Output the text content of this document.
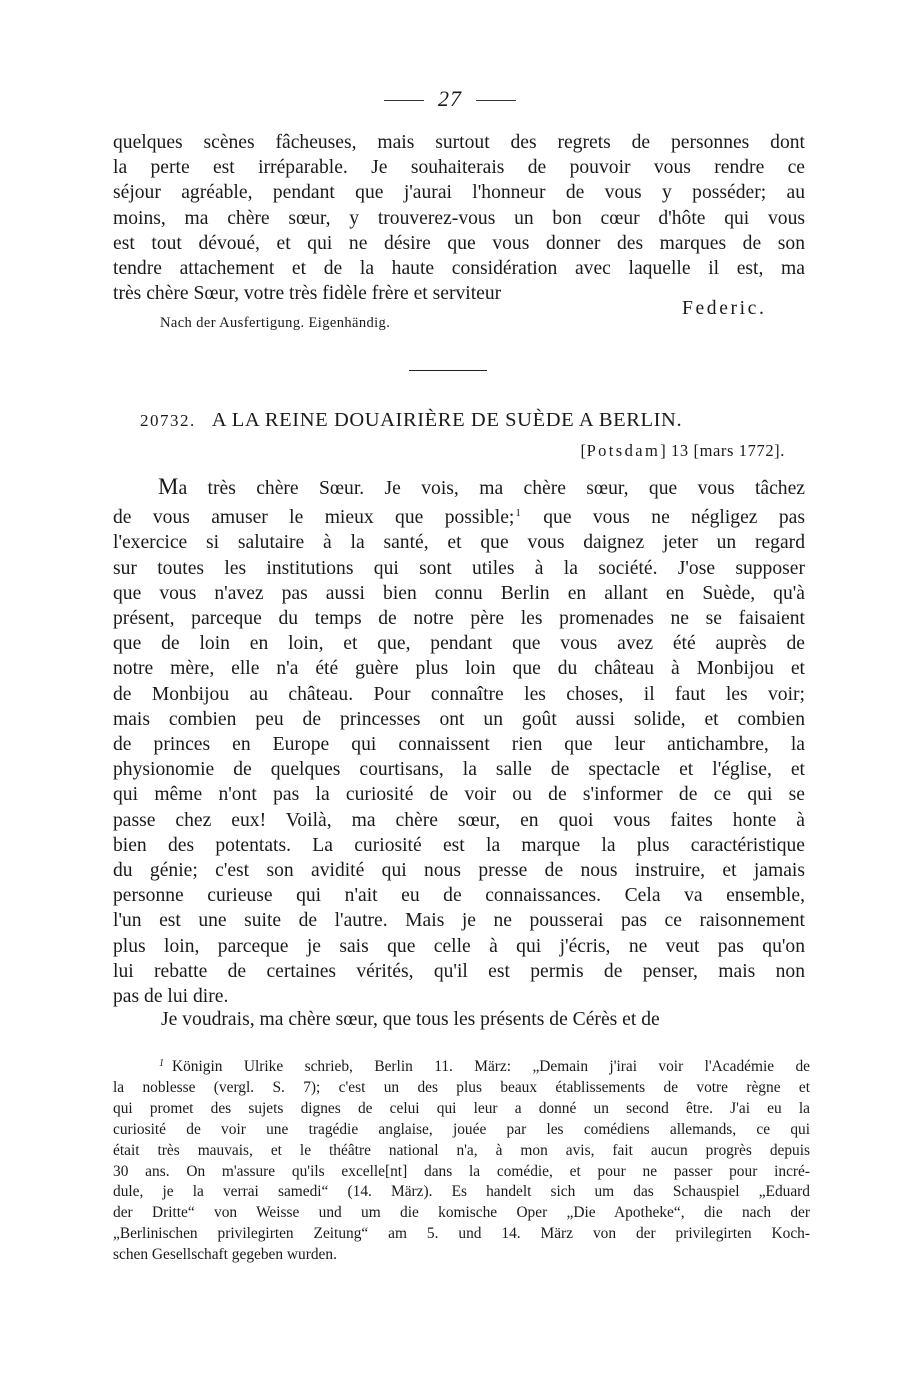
27
quelques scènes fâcheuses, mais surtout des regrets de personnes dont
la perte est irréparable. Je souhaiterais de pouvoir vous rendre ce
séjour agréable, pendant que j'aurai l'honneur de vous y posséder; au
moins, ma chère sœur, y trouverez-vous un bon cœur d'hôte qui vous
est tout dévoué, et qui ne désire que vous donner des marques de son
tendre attachement et de la haute considération avec laquelle il est, ma
très chère Sœur, votre très fidèle frère et serviteur
Federic.
Nach der Ausfertigung. Eigenhändig.
20732. A LA REINE DOUAIRIÈRE DE SUÈDE A BERLIN.
[Potsdam] 13 [mars 1772].
Ma très chère Sœur. Je vois, ma chère sœur, que vous tâchez
de vous amuser le mieux que possible;$^1$ que vous ne négligez pas
l'exercice si salutaire à la santé, et que vous daignez jeter un regard
sur toutes les institutions qui sont utiles à la société. J'ose supposer
que vous n'avez pas aussi bien connu Berlin en allant en Suède, qu'à
présent, parceque du temps de notre père les promenades ne se faisaient
que de loin en loin, et que, pendant que vous avez été auprès de
notre mère, elle n'a été guère plus loin que du château à Monbijou et
de Monbijou au château. Pour connaître les choses, il faut les voir;
mais combien peu de princesses ont un goût aussi solide, et combien
de princes en Europe qui connaissent rien que leur antichambre, la
physionomie de quelques courtisans, la salle de spectacle et l'église, et
qui même n'ont pas la curiosité de voir ou de s'informer de ce qui se
passe chez eux! Voilà, ma chère sœur, en quoi vous faites honte à
bien des potentats. La curiosité est la marque la plus caractéristique
du génie; c'est son avidité qui nous presse de nous instruire, et jamais
personne curieuse qui n'ait eu de connaissances. Cela va ensemble,
l'un est une suite de l'autre. Mais je ne pousserai pas ce raisonnement
plus loin, parceque je sais que celle à qui j'écris, ne veut pas qu'on
lui rebatte de certaines vérités, qu'il est permis de penser, mais non
pas de lui dire.
Je voudrais, ma chère sœur, que tous les présents de Cérès et de
$^1$ Königin Ulrike schrieb, Berlin 11. März: „Demain j'irai voir l'Académie de
la noblesse (vergl. S. 7); c'est un des plus beaux établissements de votre règne et
qui promet des sujets dignes de celui qui leur a donné un second être. J'ai eu la
curiosité de voir une tragédie anglaise, jouée par les comédiens allemands, ce qui
était très mauvais, et le théâtre national n'a, à mon avis, fait aucun progrès depuis
30 ans. On m'assure qu'ils excelle[nt] dans la comédie, et pour ne passer pour incré-
dule, je la verrai samedi“ (14. März). Es handelt sich um das Schauspiel „Eduard
der Dritte“ von Weisse und um die komische Oper „Die Apotheke“, die nach der
„Berlinischen privilegirten Zeitung“ am 5. und 14. März von der privilegirten Koch-
schen Gesellschaft gegeben wurden.
